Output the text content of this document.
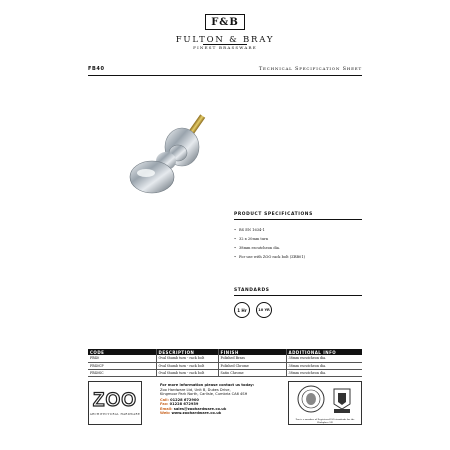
F&B
FULTON & BRAY
FINEST BRASSWARE
FB40	Technical Specification Sheet
PRODUCT SPECIFICATIONS
• BS EN 1634-1
• 32 x 20mm turn
• 38mm escutcheon dia.
• For use with ZOO rack bolt (ZRB01)
STANDARDS
1 Hr	10 YR
CODE	DESCRIPTION	FINISH	ADDITIONAL INFO
FB40	Oval thumb turn - rack bolt	Polished Brass	38mm escutcheon dia.
FB40CP	Oval thumb turn - rack bolt	Polished Chrome	38mm escutcheon dia.
FB40SC	Oval thumb turn - rack bolt	Satin Chrome	38mm escutcheon dia.
ZOO
ARCHITECTURAL HARDWARE
For more information please contact us today:
Zoo Hardware Ltd, Unit B, Dukes Drive,
Kingmoor Park North, Carlisle, Cumbria CA6 4SH
Call: 01228 672900
Fax: 01228 672939
Email: sales@zoohardware.co.uk
Web: www.zoohardware.co.uk
Zoo is a member of Registered ISO standards for the Workplace UK
